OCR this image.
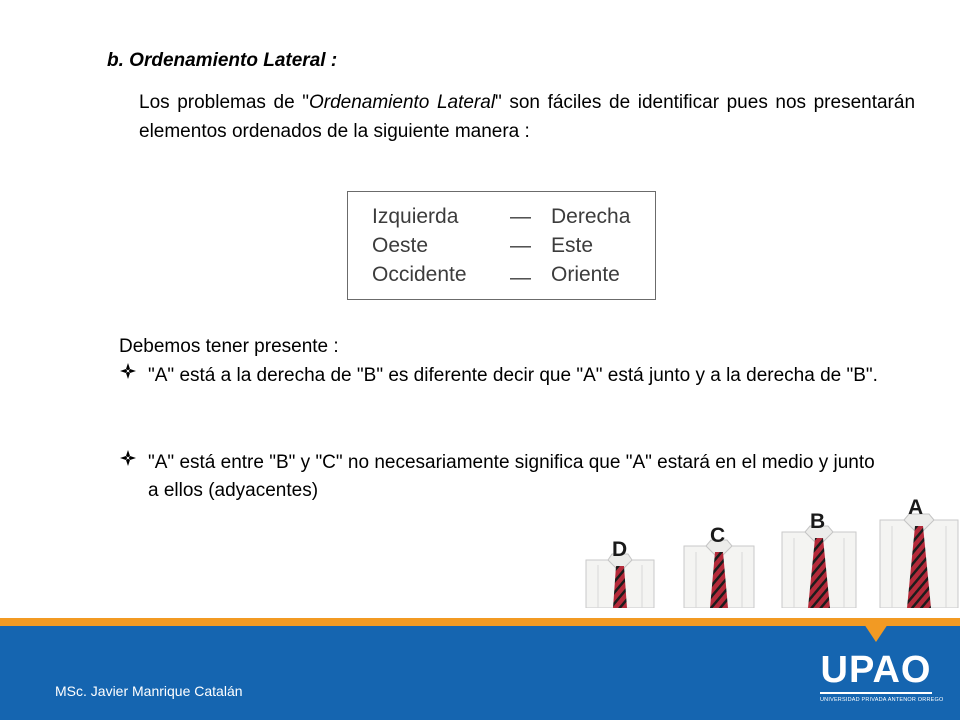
b. Ordenamiento Lateral :
Los problemas de "Ordenamiento Lateral" son fáciles de identificar pues nos presentarán elementos ordenados de la siguiente manera :
Izquierda — Derecha
Oeste	— Este
Occidente — Oriente
Debemos tener presente :
"A" está a la derecha de "B" es diferente decir que "A" está junto y a la derecha de "B".
"A" está entre "B" y "C" no necesariamente significa que "A" estará en el medio y junto a ellos (adyacentes)
D
C
B
A
MSc. Javier Manrique Catalán	UPAO
UNIVERSIDAD PRIVADA ANTENOR ORREGO
